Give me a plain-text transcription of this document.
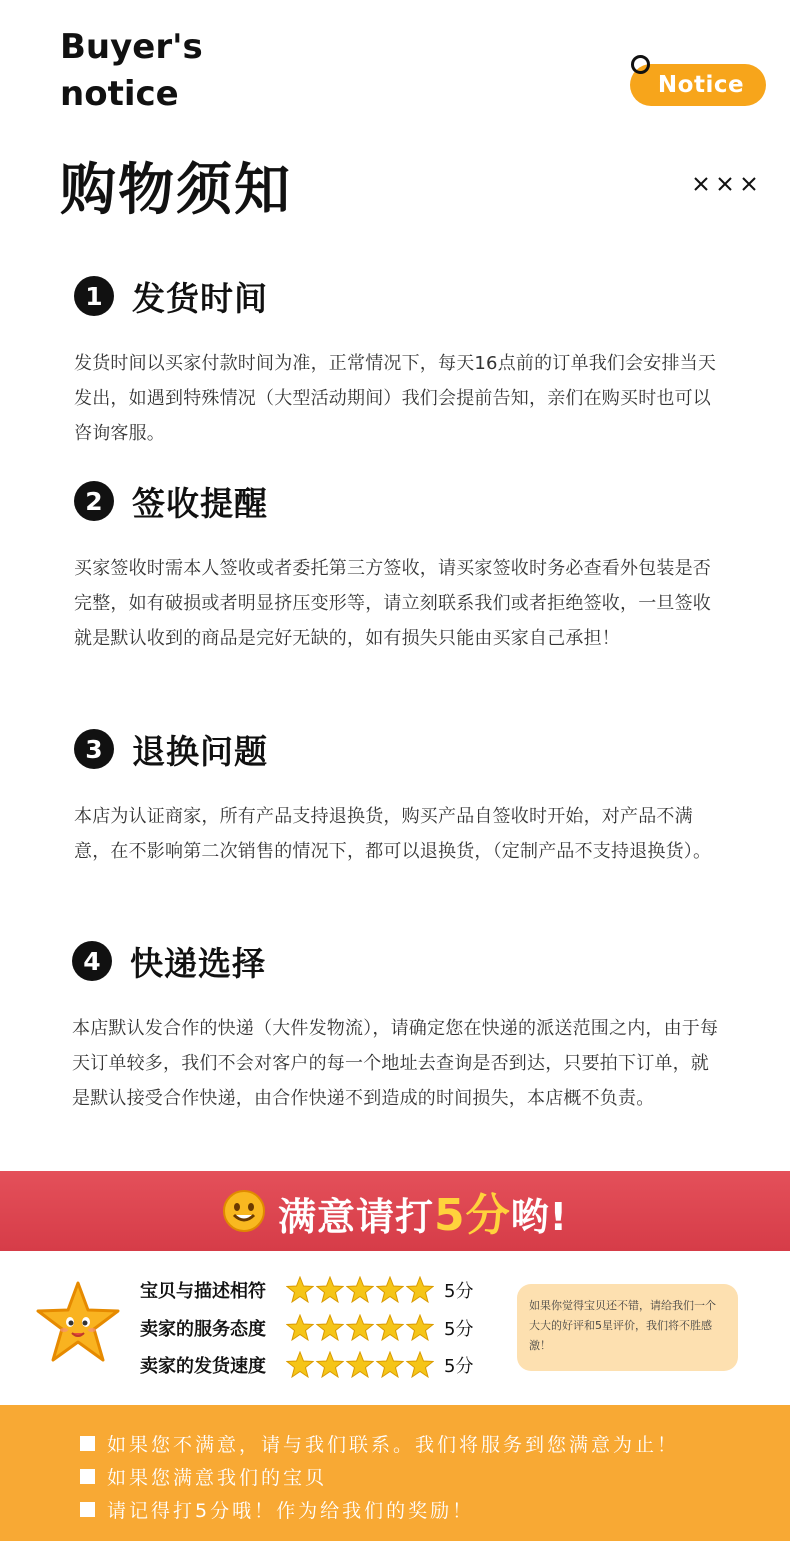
Buyer's
notice	Notice
购物须知
1 发货时间
发货时间以买家付款时间为准，正常情况下，每天16点前的订单我们会安排当天发出，如遇到特殊情况（大型活动期间）我们会提前告知，亲们在购买时也可以咨询客服。
2 签收提醒
买家签收时需本人签收或者委托第三方签收，请买家签收时务必查看外包装是否完整，如有破损或者明显挤压变形等，请立刻联系我们或者拒绝签收，一旦签收就是默认收到的商品是完好无缺的，如有损失只能由买家自己承担！
3 退换问题
本店为认证商家，所有产品支持退换货，购买产品自签收时开始，对产品不满意，在不影响第二次销售的情况下，都可以退换货，（定制产品不支持退换货）。
4 快递选择
本店默认发合作的快递（大件发物流），请确定您在快递的派送范围之内，由于每天订单较多，我们不会对客户的每一个地址去查询是否到达，只要拍下订单，就是默认接受合作快递，由合作快递不到造成的时间损失，本店概不负责。
满意请打5分哟!
宝贝与描述相符	5分
卖家的服务态度	5分
卖家的发货速度	5分
如果你觉得宝贝还不错，请给我们一个大大的好评和5星评价，我们将不胜感激！
如果您不满意，请与我们联系。我们将服务到您满意为止！
如果您满意我们的宝贝
请记得打5分哦！作为给我们的奖励！
